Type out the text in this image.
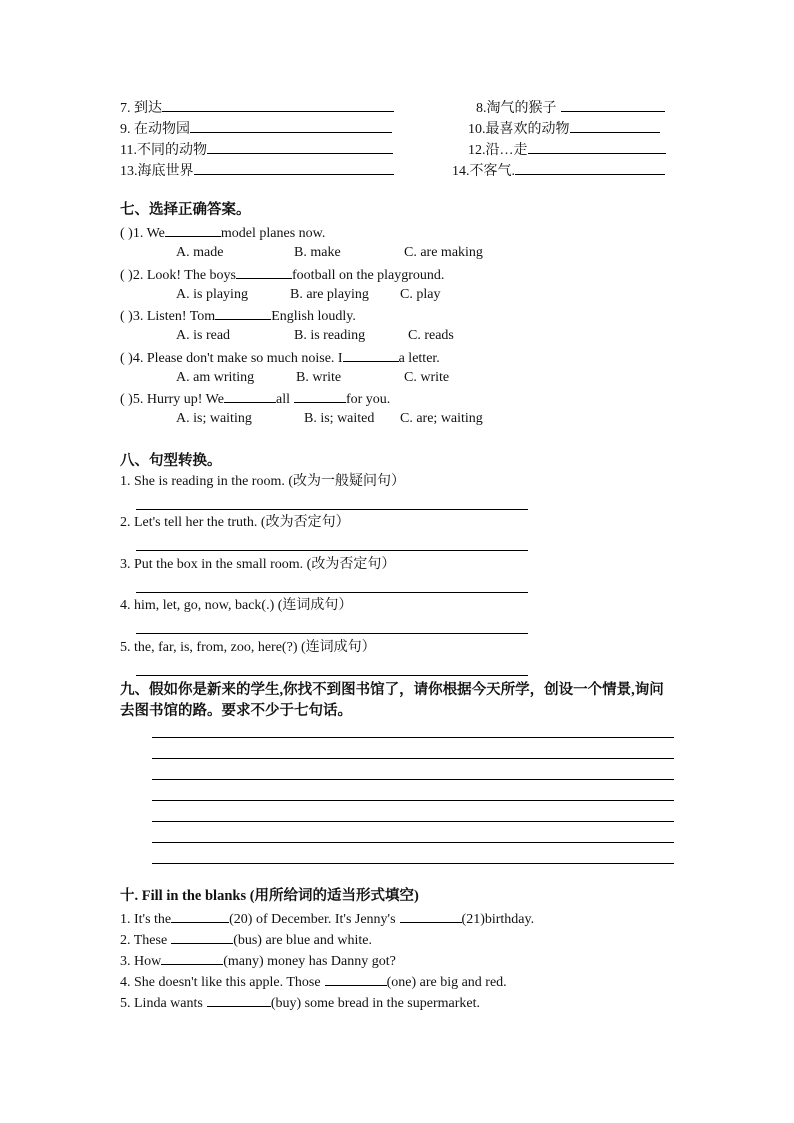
7. 到达	8.淘气的猴子
9. 在动物园	10.最喜欢的动物
11.不同的动物	12.沿…走
13.海底世界	14.不客气.
七、选择正确答案。
( )1. We	model planes now.
A. made	B. make	C. are making
( )2. Look! The boys	football on the playground.
A. is playing	B. are playing C. play
( )3. Listen! Tom	English loudly.
A. is read	B. is reading	C. reads
( )4. Please don't make so much noise. I	a letter.
A. am writing	B. write	C. write
( )5. Hurry up! We	all	for you.
A. is; waiting	B. is; waited C. are; waiting
八、句型转换。
1. She is reading in the room. (改为一般疑问句）
2. Let's tell her the truth. (改为否定句）
3. Put the box in the small room. (改为否定句）
4. him, let, go, now, back(.) (连词成句）
5. the, far, is, from, zoo, here(?) (连词成句）
九、假如你是新来的学生,你找不到图书馆了，请你根据今天所学，创设一个情景,询问去图书馆的路。要求不少于七句话。
十. Fill in the blanks (用所给词的适当形式填空)
1. It's the	(20) of December. It's Jenny's	(21)birthday.
2. These	(bus) are blue and white.
3. How	(many) money has Danny got?
4. She doesn't like this apple. Those	(one) are big and red.
5. Linda wants	(buy) some bread in the supermarket.
